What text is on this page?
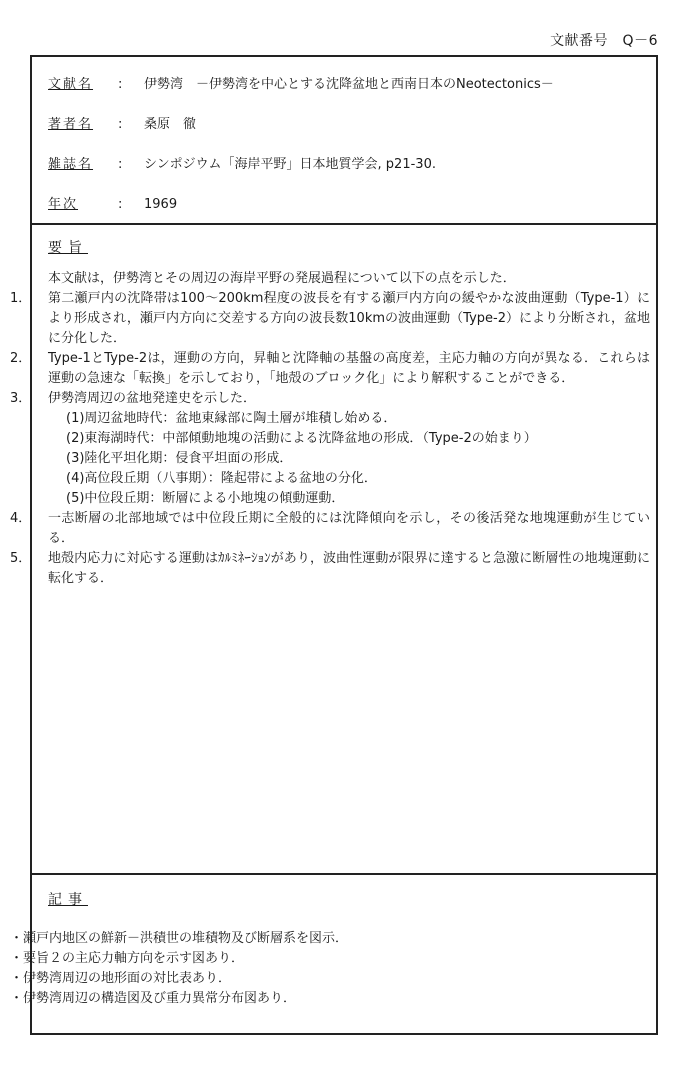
文献番号　Q－6
文献名 : 伊勢湾　－伊勢湾を中心とする沈降盆地と西南日本のNeotectonics－
著者名 : 桑原　徹
雑誌名 : シンポジウム「海岸平野」日本地質学会, p21-30.
年次	: 1969
要旨
本文献は，伊勢湾とその周辺の海岸平野の発展過程について以下の点を示した．
1． 第二瀬戸内の沈降帯は100～200km程度の波長を有する瀬戸内方向の緩やかな波曲運動（Type-1）により形成され，瀬戸内方向に交差する方向の波長数10kmの波曲運動（Type-2）により分断され，盆地に分化した．
2． Type-1とType-2は，運動の方向，昇軸と沈降軸の基盤の高度差，主応力軸の方向が異なる．これらは運動の急速な「転換」を示しており，「地殻のブロック化」により解釈することができる．
3． 伊勢湾周辺の盆地発達史を示した．
(1)周辺盆地時代：盆地東縁部に陶土層が堆積し始める．
(2)東海湖時代：中部傾動地塊の活動による沈降盆地の形成．（Type-2の始まり）
(3)陸化平坦化期：侵食平坦面の形成．
(4)高位段丘期（八事期）：隆起帯による盆地の分化．
(5)中位段丘期：断層による小地塊の傾動運動．
4． 一志断層の北部地域では中位段丘期に全般的には沈降傾向を示し，その後活発な地塊運動が生じている．
5． 地殻内応力に対応する運動はｶﾙﾐﾈｰｼｮﾝがあり，波曲性運動が限界に達すると急激に断層性の地塊運動に転化する．
記事
・瀬戸内地区の鮮新－洪積世の堆積物及び断層系を図示．
・要旨２の主応力軸方向を示す図あり．
・伊勢湾周辺の地形面の対比表あり．
・伊勢湾周辺の構造図及び重力異常分布図あり．
